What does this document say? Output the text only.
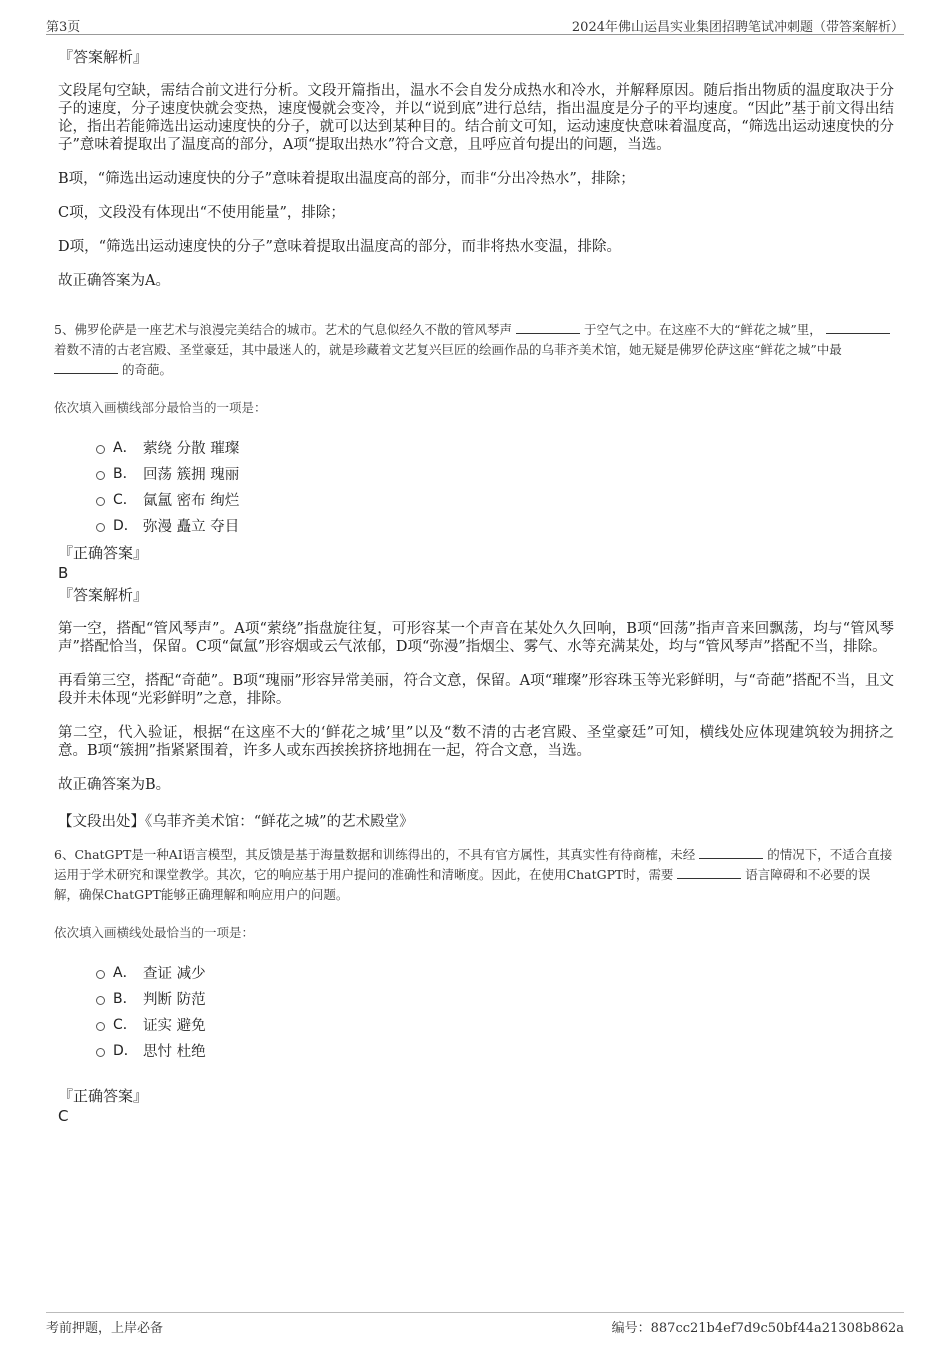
第3页	2024年佛山运昌实业集团招聘笔试冲刺题（带答案解析）

『答案解析』

文段尾句空缺，需结合前文进行分析。文段开篇指出，温水不会自发分成热水和冷水，并解释原因。随后指出物质的温度取决于分子的速度，分子速度快就会变热，速度慢就会变冷，并以“说到底”进行总结，指出温度是分子的平均速度。“因此”基于前文得出结论，指出若能筛选出运动速度快的分子，就可以达到某种目的。结合前文可知，运动速度快意味着温度高，“筛选出运动速度快的分子”意味着提取出了温度高的部分，A项“提取出热水”符合文意，且呼应首句提出的问题，当选。

B项，“筛选出运动速度快的分子”意味着提取出温度高的部分，而非“分出冷热水”，排除；

C项，文段没有体现出“不使用能量”，排除；

D项，“筛选出运动速度快的分子”意味着提取出温度高的部分，而非将热水变温，排除。

故正确答案为A。

5、佛罗伦萨是一座艺术与浪漫完美结合的城市。艺术的气息似经久不散的管风琴声	于空气之中。在这座不大的“鲜花之城”里，  着数不清的古老宫殿、圣堂豪廷，其中最迷人的，就是珍藏着文艺复兴巨匠的绘画作品的乌菲齐美术馆，她无疑是佛罗伦萨这座“鲜花之城”中最  的奇葩。
依次填入画横线部分最恰当的一项是：
A． 萦绕 分散 璀璨
B． 回荡 簇拥 瑰丽
C． 氤氲 密布 绚烂
D． 弥漫 矗立 夺目

『正确答案』

B

『答案解析』

第一空，搭配“管风琴声”。A项“萦绕”指盘旋往复，可形容某一个声音在某处久久回响，B项“回荡”指声音来回飘荡，均与“管风琴声”搭配恰当，保留。C项“氤氲”形容烟或云气浓郁，D项“弥漫”指烟尘、雾气、水等充满某处，均与“管风琴声”搭配不当，排除。

再看第三空，搭配“奇葩”。B项“瑰丽”形容异常美丽，符合文意，保留。A项“璀璨”形容珠玉等光彩鲜明，与“奇葩”搭配不当，且文段并未体现“光彩鲜明”之意，排除。

第二空，代入验证，根据“在这座不大的‘鲜花之城’里”以及“数不清的古老宫殿、圣堂豪廷”可知，横线处应体现建筑较为拥挤之意。B项“簇拥”指紧紧围着，许多人或东西挨挨挤挤地拥在一起，符合文意，当选。

故正确答案为B。

【文段出处】《乌菲齐美术馆：“鲜花之城”的艺术殿堂》

6、ChatGPT是一种AI语言模型，其反馈是基于海量数据和训练得出的，不具有官方属性，其真实性有待商榷，未经	的情况下，不适合直接运用于学术研究和课堂教学。其次，它的响应基于用户提问的准确性和清晰度。因此，在使用ChatGPT时，需要	语言障碍和不必要的误解，确保ChatGPT能够正确理解和响应用户的问题。
依次填入画横线处最恰当的一项是：
A． 查证 减少
B． 判断 防范
C． 证实 避免
D． 思忖 杜绝

『正确答案』

C

考前押题，上岸必备	编号：887cc21b4ef7d9c50bf44a21308b862a
